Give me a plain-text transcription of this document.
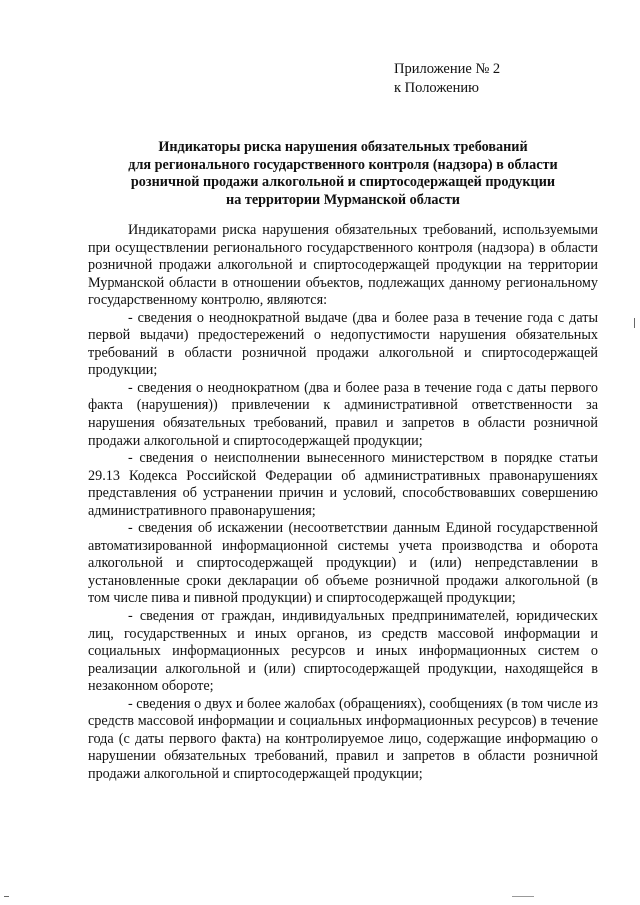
Приложение № 2
к Положению
Индикаторы риска нарушения обязательных требований
для регионального государственного контроля (надзора) в области
розничной продажи алкогольной и спиртосодержащей продукции
на территории Мурманской области

Индикаторами риска нарушения обязательных требований, используемыми при осуществлении регионального государственного контроля (надзора) в области розничной продажи алкогольной и спиртосодержащей продукции на территории Мурманской области в отношении объектов, подлежащих данному региональному государственному контролю, являются:

- сведения о неоднократной выдаче (два и более раза в течение года с даты первой выдачи) предостережений о недопустимости нарушения обязательных требований в области розничной продажи алкогольной и спиртосодержащей продукции;

- сведения о неоднократном (два и более раза в течение года с даты первого факта (нарушения)) привлечении к административной ответственности за нарушения обязательных требований, правил и запретов в области розничной продажи алкогольной и спиртосодержащей продукции;

- сведения о неисполнении вынесенного министерством в порядке статьи 29.13 Кодекса Российской Федерации об административных правонарушениях представления об устранении причин и условий, способствовавших совершению административного правонарушения;

- сведения об искажении (несоответствии данным Единой государственной автоматизированной информационной системы учета производства и оборота алкогольной и спиртосодержащей продукции) и (или) непредставлении в установленные сроки декларации об объеме розничной продажи алкогольной (в том числе пива и пивной продукции) и спиртосодержащей продукции;

- сведения от граждан, индивидуальных предпринимателей, юридических лиц, государственных и иных органов, из средств массовой информации и социальных информационных ресурсов и иных информационных систем о реализации алкогольной и (или) спиртосодержащей продукции, находящейся в незаконном обороте;

- сведения о двух и более жалобах (обращениях), сообщениях (в том числе из средств массовой информации и социальных информационных ресурсов) в течение года (с даты первого факта) на контролируемое лицо, содержащие информацию о нарушении обязательных требований, правил и запретов в области розничной продажи алкогольной и спиртосодержащей продукции;
